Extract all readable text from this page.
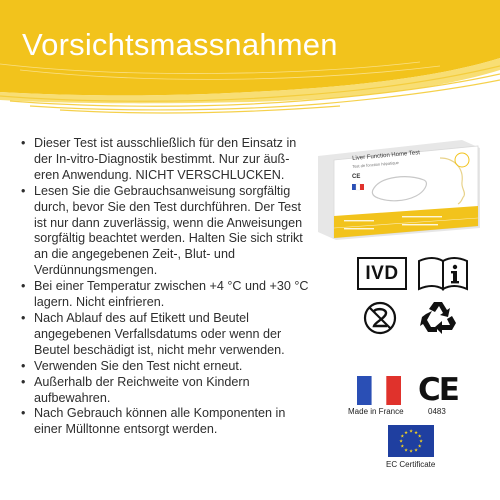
Vorsichtsmassnahmen
• Dieser Test ist ausschließlich für den Einsatz in der In-vitro-Diagnostik bestimmt. Nur zur äuß-eren Anwendung. NICHT VERSCHLUCKEN.
• Lesen Sie die Gebrauchsanweisung sorgfältig durch, bevor Sie den Test durchführen. Der Test ist nur dann zuverlässig, wenn die Anweisungen sorgfältig beachtet werden. Halten Sie sich strikt an die angegebenen Zeit-, Blut- und Verdünnungsmengen.
• Bei einer Temperatur zwischen +4 °C und +30 °C lagern. Nicht einfrieren.
• Nach Ablauf des auf Etikett und Beutel angegebenen Verfallsdatums oder wenn der Beutel beschädigt ist, nicht mehr verwenden.
• Verwenden Sie den Test nicht erneut.
• Außerhalb der Reichweite von Kindern aufbewahren.
• Nach Gebrauch können alle Komponenten in einer Mülltonne entsorgt werden.
Liver Function Home Test
Test de fonction hépatique
CE
IVD
Made in France
CE
0483
★ ★
★
★
★
★
★
★
★
★
★
★
EC Certificate
